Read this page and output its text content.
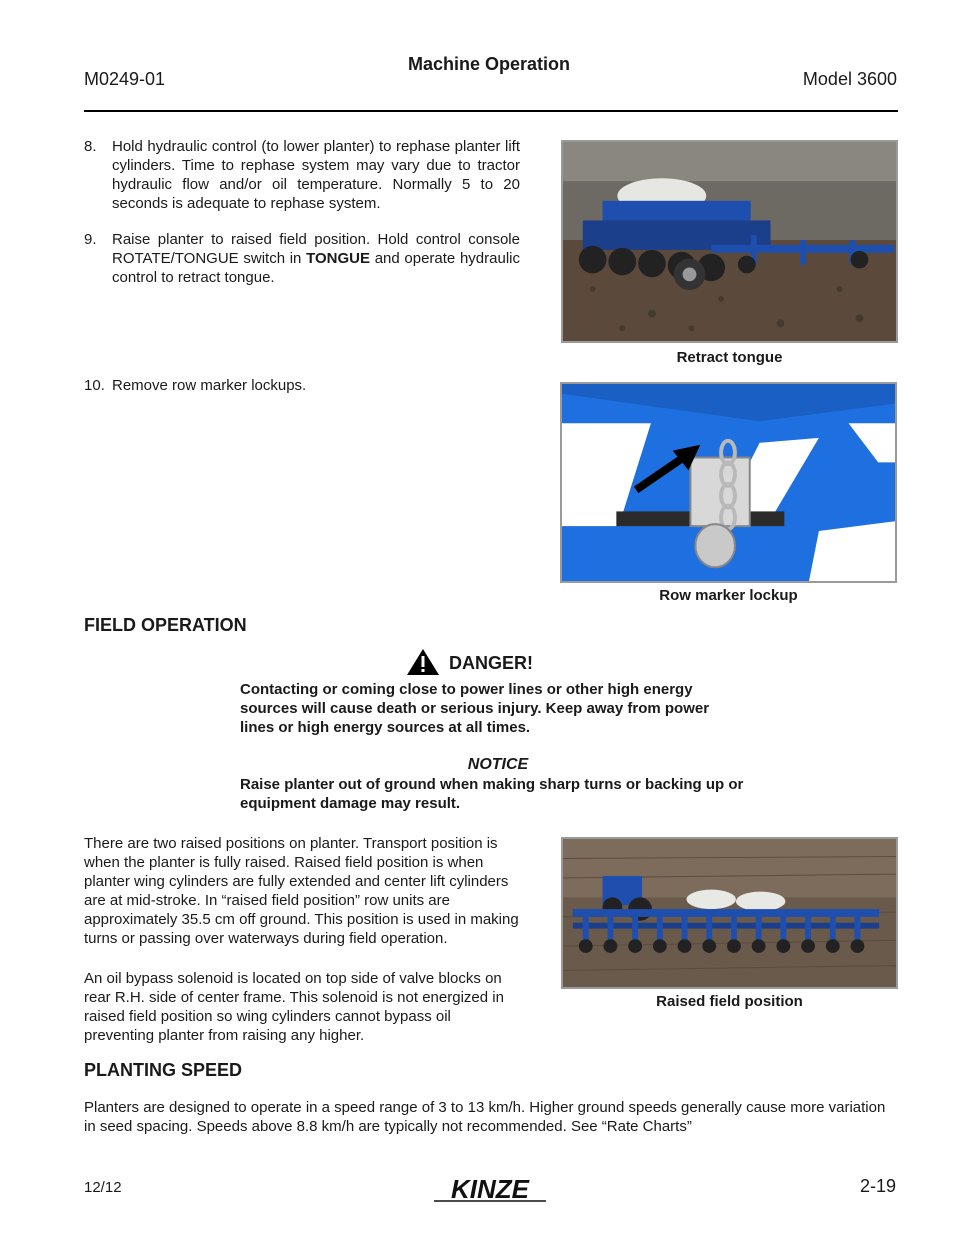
M0249-01
Machine Operation
Model 3600
8.	Hold hydraulic control (to lower planter) to rephase planter lift cylinders. Time to rephase system may vary due to tractor hydraulic flow and/or oil temperature. Normally 5 to 20 seconds is adequate to rephase system.
9.	Raise planter to raised field position. Hold control console ROTATE/TONGUE switch in TONGUE and operate hydraulic control to retract tongue.
10. Remove row marker lockups.
Retract tongue
Row marker lockup
FIELD OPERATION
DANGER!
Contacting or coming close to power lines or other high energy sources will cause death or serious injury. Keep away from power lines or high energy sources at all times.
NOTICE
Raise planter out of ground when making sharp turns or backing up or equipment damage may result.
There are two raised positions on planter. Transport position is when the planter is fully raised. Raised field position is when planter wing cylinders are fully extended and center lift cylinders are at mid-stroke. In “raised field position” row units are approximately 35.5 cm off ground. This position is used in making turns or passing over waterways during field operation.
An oil bypass solenoid is located on top side of valve blocks on rear R.H. side of center frame. This solenoid is not energized in raised field position so wing cylinders cannot bypass oil preventing planter from raising any higher.
Raised field position
PLANTING SPEED
Planters are designed to operate in a speed range of 3 to 13 km/h. Higher ground speeds generally cause more variation in seed spacing. Speeds above 8.8 km/h are typically not recommended. See “Rate Charts”
12/12	KINZE	2-19
